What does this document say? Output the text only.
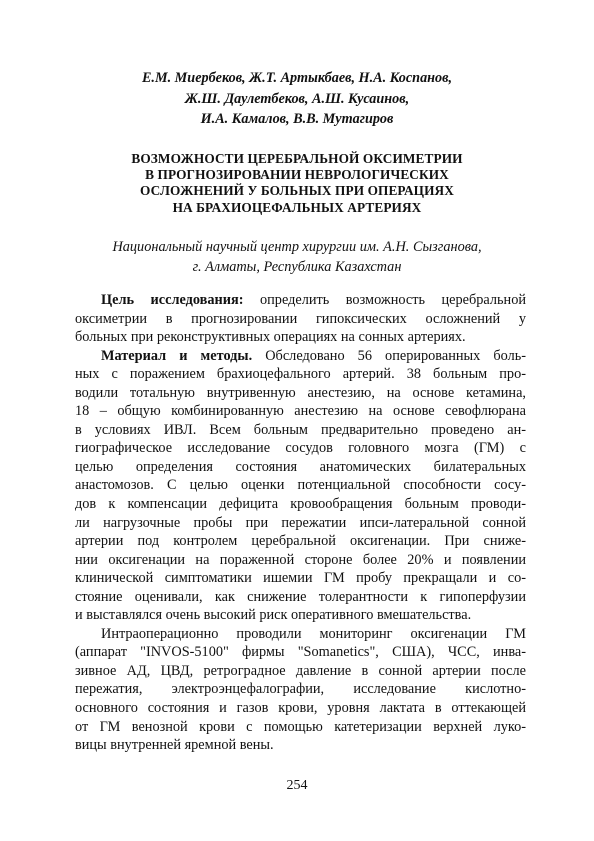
Е.М. Миербеков, Ж.Т. Артыкбаев, Н.А. Коспанов,
Ж.Ш. Даулетбеков, А.Ш. Кусаинов,
И.А. Камалов, В.В. Мутагиров
ВОЗМОЖНОСТИ ЦЕРЕБРАЛЬНОЙ ОКСИМЕТРИИ
В ПРОГНОЗИРОВАНИИ НЕВРОЛОГИЧЕСКИХ
ОСЛОЖНЕНИЙ У БОЛЬНЫХ ПРИ ОПЕРАЦИЯХ
НА БРАХИОЦЕФАЛЬНЫХ АРТЕРИЯХ
Национальный научный центр хирургии им. А.Н. Сызганова,
г. Алматы, Республика Казахстан
Цель исследования: определить возможность церебральной
оксиметрии в прогнозировании гипоксических осложнений у
больных при реконструктивных операциях на сонных артериях.
Материал и методы. Обследовано 56 оперированных боль-
ных с поражением брахиоцефального артерий. 38 больным про-
водили тотальную внутривенную анестезию, на основе кетамина,
18 – общую комбинированную анестезию на основе севофлюрана
в условиях ИВЛ. Всем больным предварительно проведено ан-
гиографическое исследование сосудов головного мозга (ГМ) с
целью определения состояния анатомических билатеральных
анастомозов. С целью оценки потенциальной способности сосу-
дов к компенсации дефицита кровообращения больным проводи-
ли нагрузочные пробы при пережатии ипси-латеральной сонной
артерии под контролем церебральной оксигенации. При сниже-
нии оксигенации на пораженной стороне более 20% и появлении
клинической симптоматики ишемии ГМ пробу прекращали и со-
стояние оценивали, как снижение толерантности к гипоперфузии
и выставлялся очень высокий риск оперативного вмешательства.
Интраоперационно проводили мониторинг оксигенации ГМ
(аппарат "INVOS-5100" фирмы "Somanetics", США), ЧСС, инва-
зивное АД, ЦВД, ретроградное давление в сонной артерии после
пережатия, электроэнцефалографии, исследование кислотно-
основного состояния и газов крови, уровня лактата в оттекающей
от ГМ венозной крови с помощью катетеризации верхней луко-
вицы внутренней яремной вены.
254
